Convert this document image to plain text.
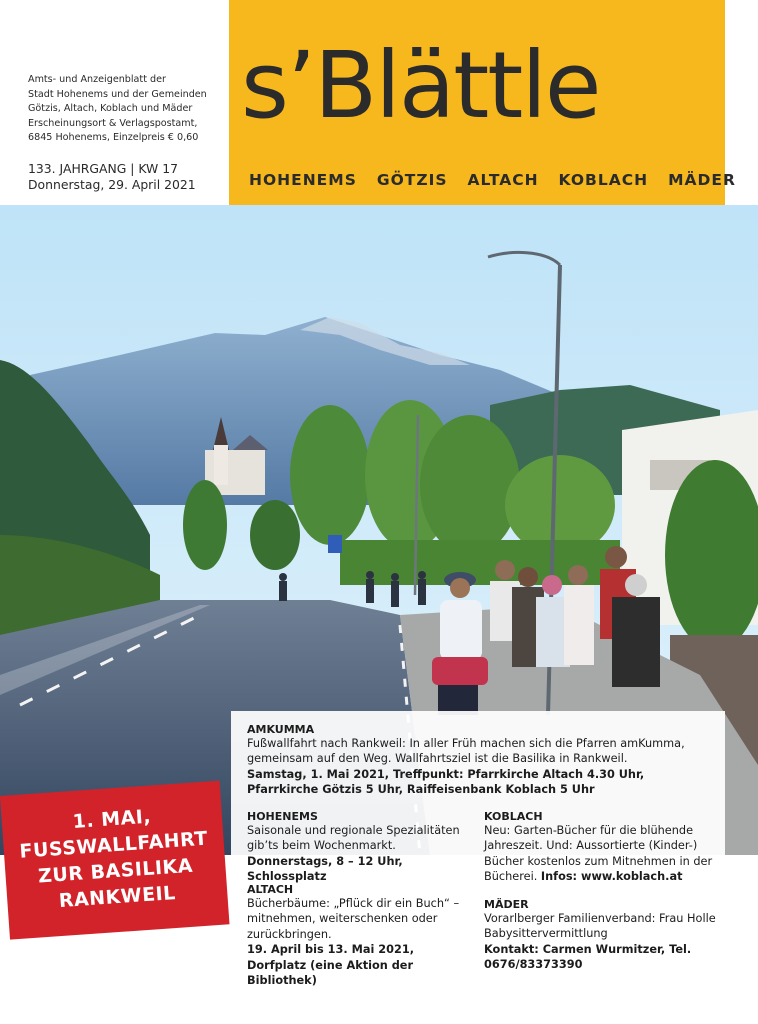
Amts- und Anzeigenblatt der
Stadt Hohenems und der Gemeinden
Götzis, Altach, Koblach und Mäder
Erscheinungsort & Verlagspostamt,
6845 Hohenems, Einzelpreis € 0,60
133. JAHRGANG | KW 17
Donnerstag, 29. April 2021
s’Blättle
HOHENEMS GÖTZIS ALTACH KOBLACH MÄDER
1. MAI,
FUSSWALLFAHRT
ZUR BASILIKA
RANKWEIL
AMKUMMA

Fußwallfahrt nach Rankweil: In aller Früh machen sich die Pfarren amKumma, gemeinsam auf den Weg. Wallfahrtsziel ist die Basilika in Rankweil.

Samstag, 1. Mai 2021, Treffpunkt: Pfarrkirche Altach 4.30 Uhr, Pfarrkirche Götzis 5 Uhr, Raiffeisenbank Koblach 5 Uhr

HOHENEMS

Saisonale und regionale Spezialitäten gib’ts beim Wochenmarkt.

Donnerstags, 8 – 12 Uhr, Schlossplatz

ALTACH

Bücherbäume: „Pflück dir ein Buch“ – mitnehmen, weiterschenken oder zurückbringen.

19. April bis 13. Mai 2021, Dorfplatz (eine Aktion der Bibliothek)

KOBLACH

Neu: Garten-Bücher für die blühende Jahreszeit. Und: Aussortierte (Kinder-) Bücher kostenlos zum Mitnehmen in der Bücherei. Infos: www.koblach.at

MÄDER

Vorarlberger Familienverband: Frau Holle Babysittervermittlung

Kontakt: Carmen Wurmitzer, Tel. 0676/83373390
